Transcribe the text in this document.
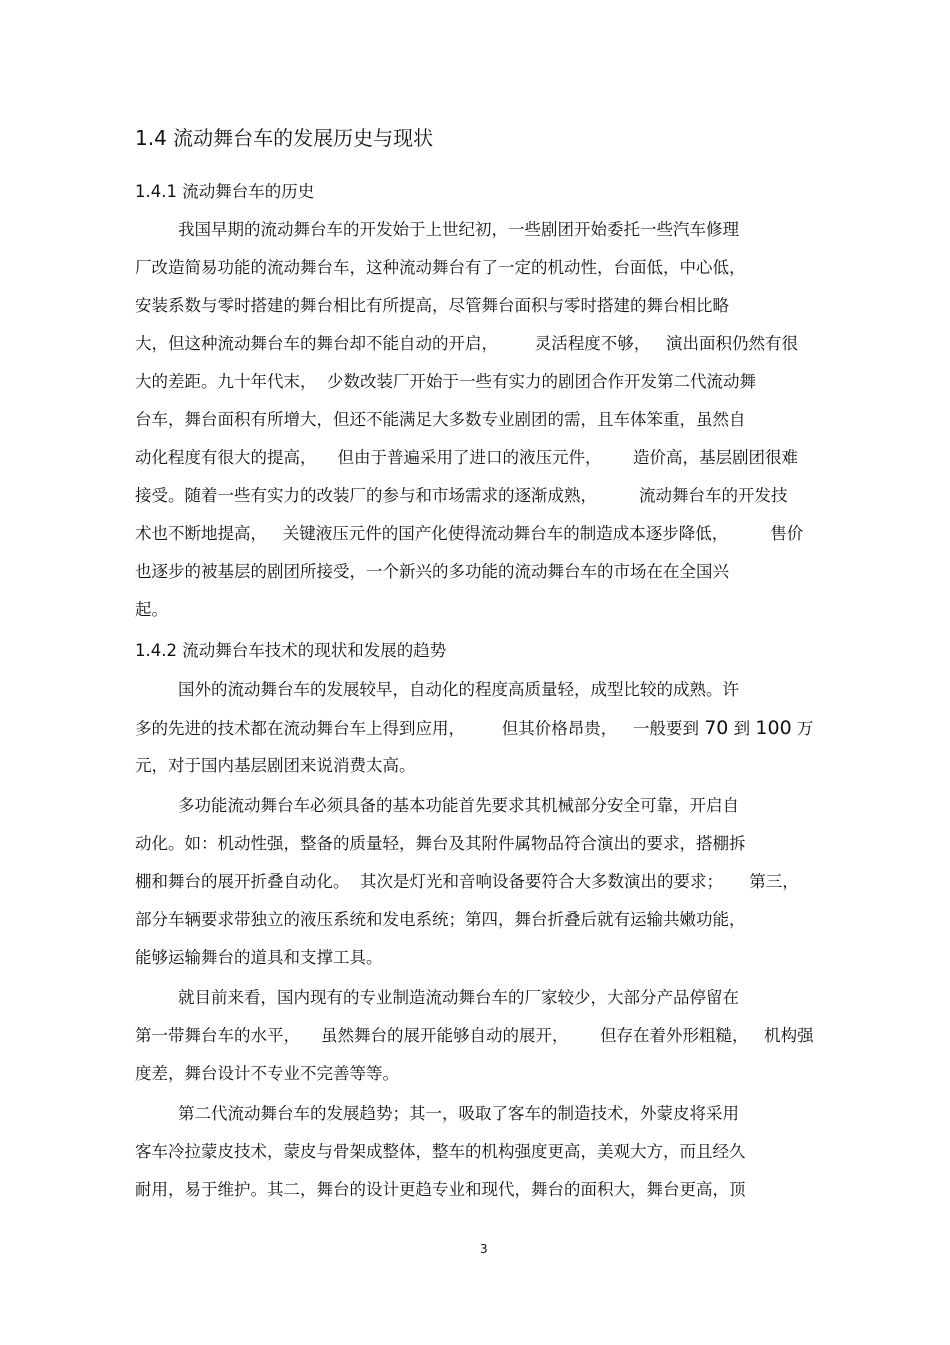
1.4 流动舞台车的发展历史与现状
1.4.1 流动舞台车的历史
我国早期的流动舞台车的开发始于上世纪初，一些剧团开始委托一些汽车修理
厂改造简易功能的流动舞台车，这种流动舞台有了一定的机动性，台面低，中心低，
安装系数与零时搭建的舞台相比有所提高，尽管舞台面积与零时搭建的舞台相比略
大，但这种流动舞台车的舞台却不能自动的开启，       灵活程度不够，   演出面积仍然有很
大的差距。九十年代末，  少数改装厂开始于一些有实力的剧团合作开发第二代流动舞
台车，舞台面积有所增大，但还不能满足大多数专业剧团的需，且车体笨重，虽然自
动化程度有很大的提高，    但由于普遍采用了进口的液压元件，      造价高，基层剧团很难
接受。随着一些有实力的改装厂的参与和市场需求的逐渐成熟，        流动舞台车的开发技
术也不断地提高，   关键液压元件的国产化使得流动舞台车的制造成本逐步降低，        售价
也逐步的被基层的剧团所接受，一个新兴的多功能的流动舞台车的市场在在全国兴
起。
1.4.2 流动舞台车技术的现状和发展的趋势
国外的流动舞台车的发展较早，自动化的程度高质量轻，成型比较的成熟。许
多的先进的技术都在流动舞台车上得到应用，       但其价格昂贵，   一般要到 70 到 100 万
元，对于国内基层剧团来说消费太高。
多功能流动舞台车必须具备的基本功能首先要求其机械部分安全可靠，开启自
动化。如：机动性强，整备的质量轻，舞台及其附件属物品符合演出的要求，搭棚拆
棚和舞台的展开折叠自动化。  其次是灯光和音响设备要符合大多数演出的要求；     第三，
部分车辆要求带独立的液压系统和发电系统；第四，舞台折叠后就有运输共嫩功能，
能够运输舞台的道具和支撑工具。
就目前来看，国内现有的专业制造流动舞台车的厂家较少，大部分产品停留在
第一带舞台车的水平，    虽然舞台的展开能够自动的展开，      但存在着外形粗糙，   机构强
度差，舞台设计不专业不完善等等。
第二代流动舞台车的发展趋势；其一，吸取了客车的制造技术，外蒙皮将采用
客车冷拉蒙皮技术，蒙皮与骨架成整体，整车的机构强度更高，美观大方，而且经久
耐用，易于维护。其二，舞台的设计更趋专业和现代，舞台的面积大，舞台更高，顶
3
